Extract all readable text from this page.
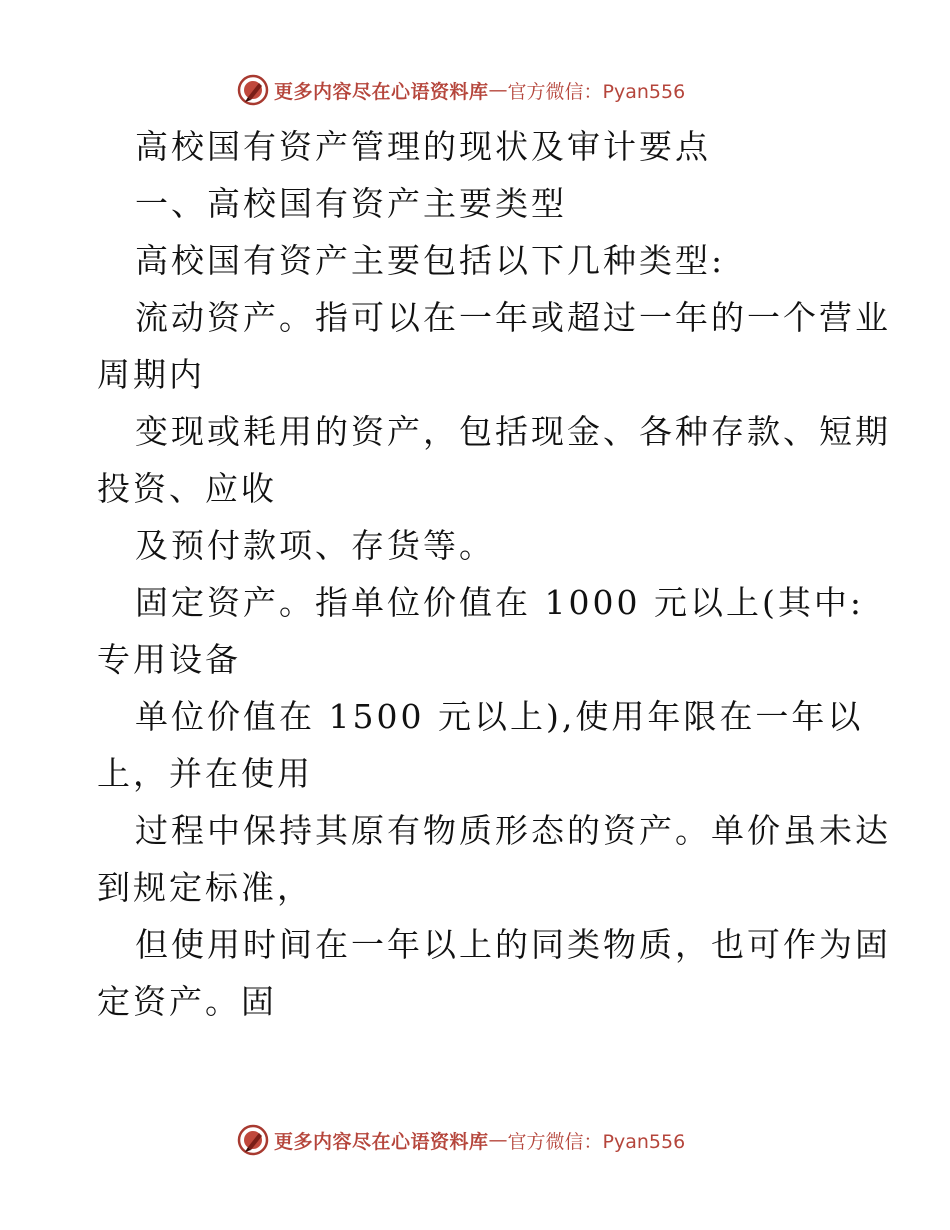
更多内容尽在心语资料库 — 官方微信：Pyan556
高校国有资产管理的现状及审计要点
一、高校国有资产主要类型
高校国有资产主要包括以下几种类型:
流动资产。指可以在一年或超过一年的一个营业
周期内
变现或耗用的资产，包括现金、各种存款、短期
投资、应收
及预付款项、存货等。
固定资产。指单位价值在 1000 元以上(其中:
专用设备
单位价值在 1500 元以上),使用年限在一年以
上，并在使用
过程中保持其原有物质形态的资产。单价虽未达
到规定标准，
但使用时间在一年以上的同类物质，也可作为固
定资产。固
更多内容尽在心语资料库 — 官方微信：Pyan556
